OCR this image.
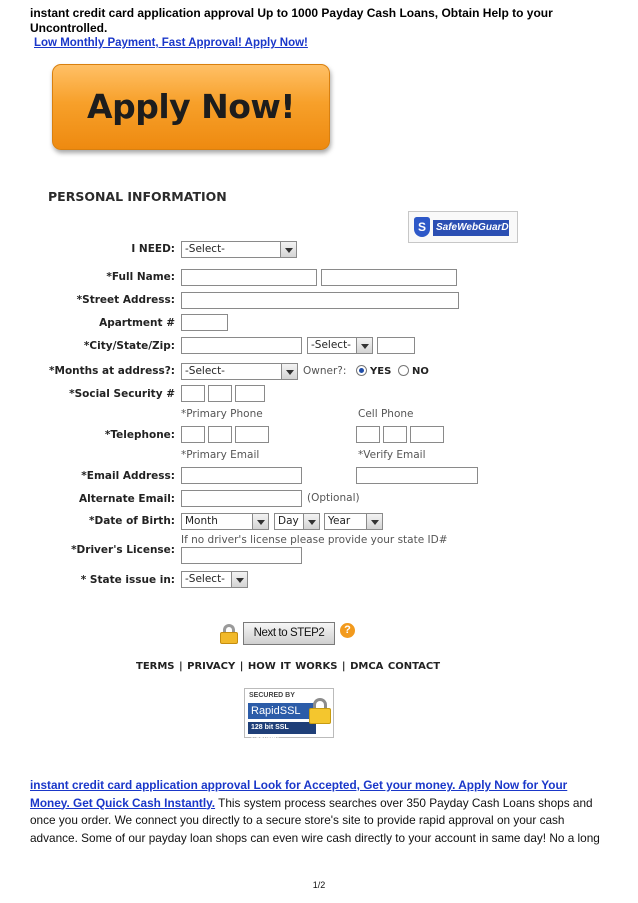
instant credit card application approval Up to 1000 Payday Cash Loans, Obtain Help to your Uncontrolled.
Low Monthly Payment, Fast Approval! Apply Now!
Apply Now!
PERSONAL INFORMATION
S	SafeWebGuarD
I NEED: -Select-
*Full Name:
*Street Address:
Apartment #
*City/State/Zip:	-Select-
*Months at address?: -Select-	Owner?: YES NO
*Social Security #
*Primary Phone	Cell Phone
*Telephone:
*Primary Email	*Verify Email
*Email Address:
Alternate Email:	(Optional)
*Date of Birth: Month	Day	Year
If no driver's license please provide your state ID#
*Driver's License:
* State issue in: -Select-
Next to STEP2	?
TERMS | PRIVACY | HOW IT WORKS | DMCA CONTACT
SECURED BY
RapidSSL
128 bit SSL Security
instant credit card application approval Look for Accepted, Get your money. Apply Now for Your Money. Get Quick Cash Instantly. This system process searches over 350 Payday Cash Loans shops and once you order. We connect you directly to a secure store's site to provide rapid approval on your cash advance. Some of our payday loan shops can even wire cash directly to your account in same day! No a long
1/2
